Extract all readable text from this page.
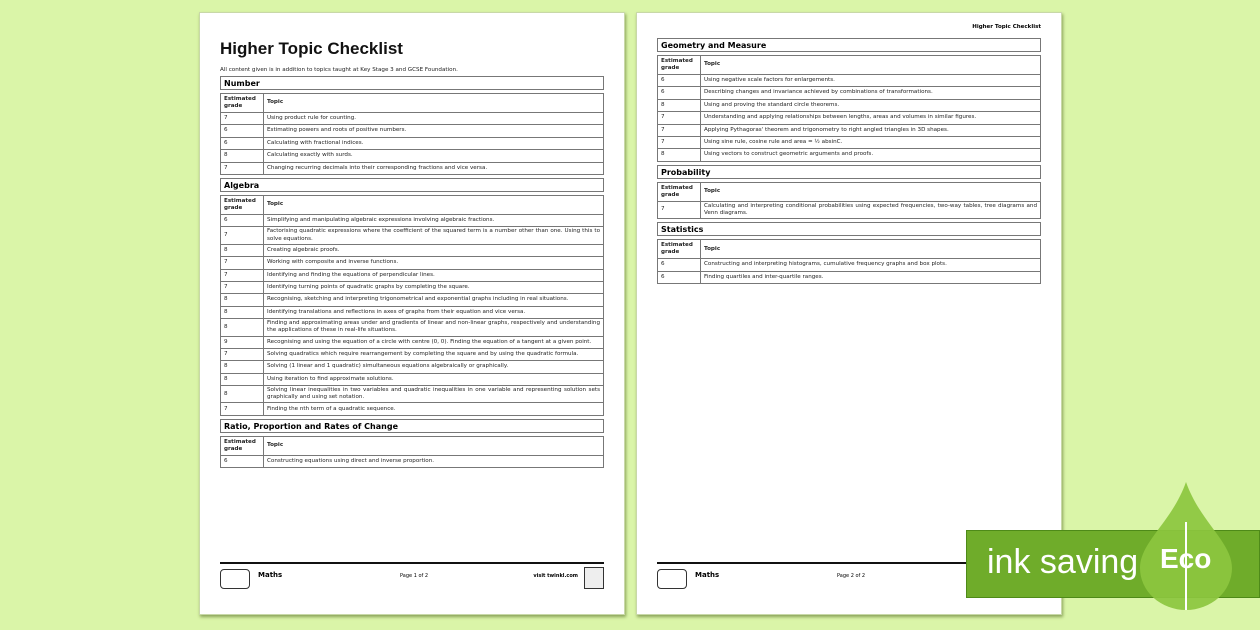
Higher Topic Checklist
All content given is in addition to topics taught at Key Stage 3 and GCSE Foundation.
Number
Estimated grade	Topic
7	Using product rule for counting.
6	Estimating powers and roots of positive numbers.
6	Calculating with fractional indices.
8	Calculating exactly with surds.
7	Changing recurring decimals into their corresponding fractions and vice versa.
Algebra
Estimated grade	Topic
6	Simplifying and manipulating algebraic expressions involving algebraic fractions.
7	Factorising quadratic expressions where the coefficient of the squared term is a number other than one. Using this to solve equations.
8	Creating algebraic proofs.
7	Working with composite and inverse functions.
7	Identifying and finding the equations of perpendicular lines.
7	Identifying turning points of quadratic graphs by completing the square.
8	Recognising, sketching and interpreting trigonometrical and exponential graphs including in real situations.
8	Identifying translations and reflections in axes of graphs from their equation and vice versa.
8	Finding and approximating areas under and gradients of linear and non-linear graphs, respectively and understanding the applications of these in real-life situations.
9	Recognising and using the equation of a circle with centre (0, 0). Finding the equation of a tangent at a given point.
7	Solving quadratics which require rearrangement by completing the square and by using the quadratic formula.
8	Solving (1 linear and 1 quadratic) simultaneous equations algebraically or graphically.
8	Using iteration to find approximate solutions.
8	Solving linear inequalities in two variables and quadratic inequalities in one variable and representing solution sets graphically and using set notation.
7	Finding the nth term of a quadratic sequence.
Ratio, Proportion and Rates of Change
Estimated grade	Topic
6	Constructing equations using direct and inverse proportion.
Maths	Page 1 of 2	visit twinkl.com
Higher Topic Checklist
Geometry and Measure
Estimated grade	Topic
6	Using negative scale factors for enlargements.
6	Describing changes and invariance achieved by combinations of transformations.
8	Using and proving the standard circle theorems.
7	Understanding and applying relationships between lengths, areas and volumes in similar figures.
7	Applying Pythagoras' theorem and trigonometry to right angled triangles in 3D shapes.
7	Using sine rule, cosine rule and area = ½ absinC.
8	Using vectors to construct geometric arguments and proofs.
Probability
Estimated grade	Topic
7	Calculating and interpreting conditional probabilities using expected frequencies, two-way tables, tree diagrams and Venn diagrams.
Statistics
Estimated grade	Topic
6	Constructing and interpreting histograms, cumulative frequency graphs and box plots.
6	Finding quartiles and inter-quartile ranges.
Maths	Page 2 of 2	ink saving Eco
